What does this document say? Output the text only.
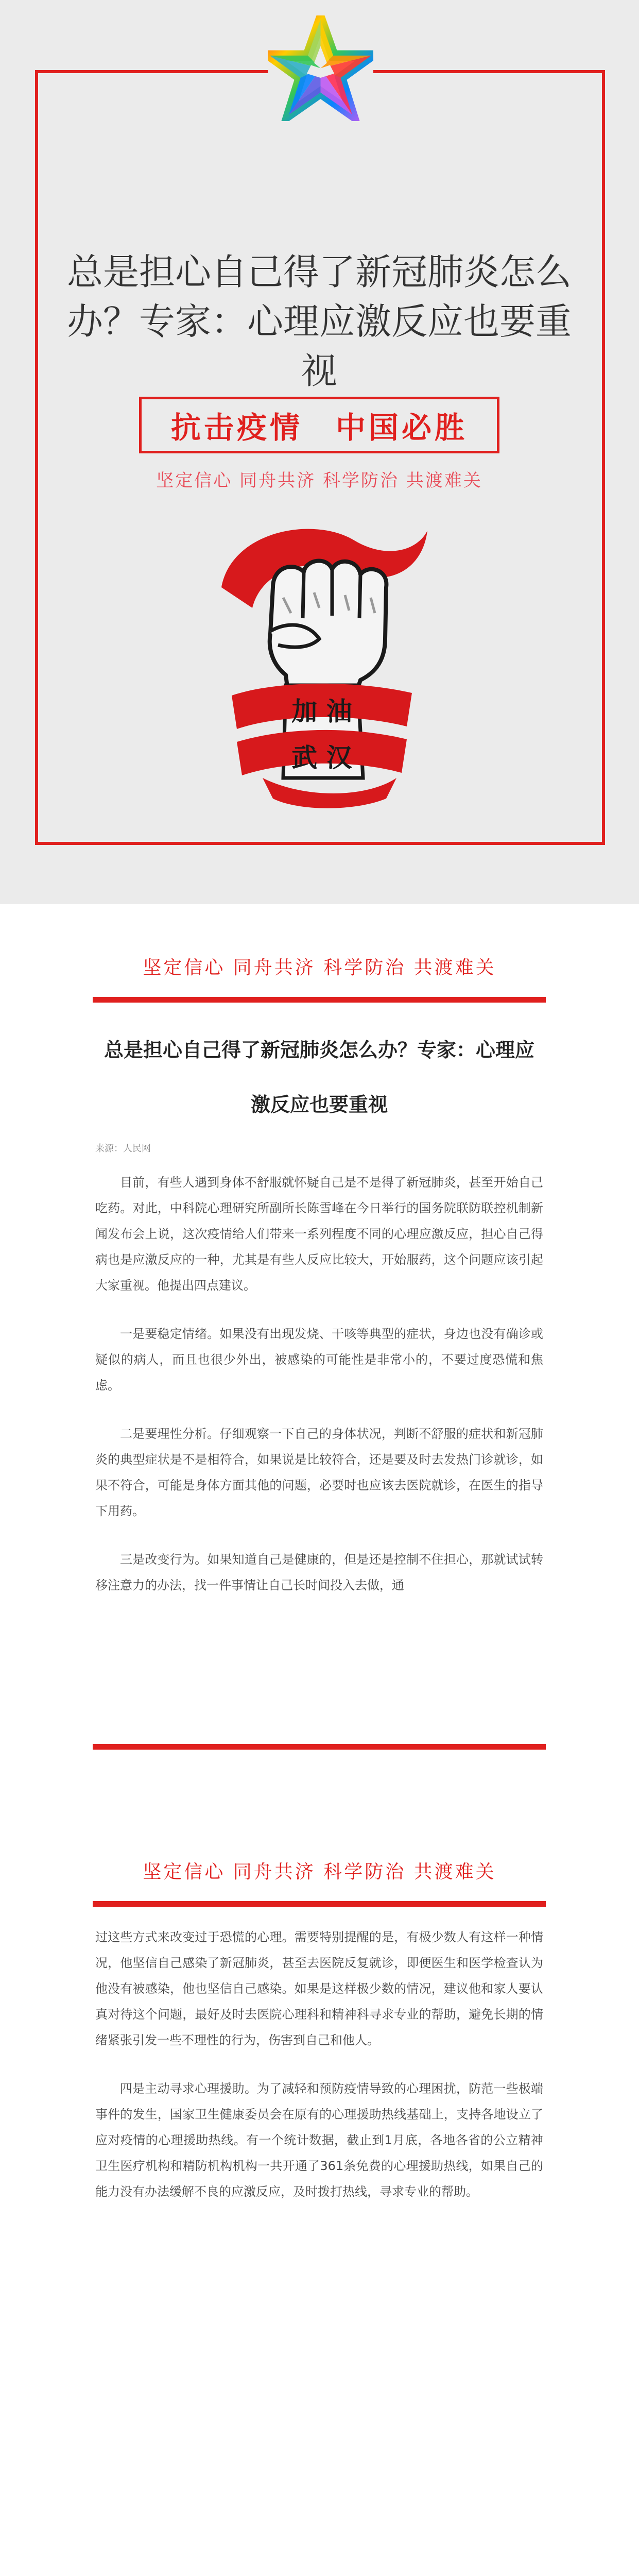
总是担心自己得了新冠肺炎怎么办？专家：心理应激反应也要重视
抗击疫情　中国必胜
坚定信心 同舟共济 科学防治 共渡难关
加 油
武 汉
坚定信心 同舟共济 科学防治 共渡难关
总是担心自己得了新冠肺炎怎么办？专家：心理应激反应也要重视
来源：人民网

目前，有些人遇到身体不舒服就怀疑自己是不是得了新冠肺炎，甚至开始自己吃药。对此，中科院心理研究所副所长陈雪峰在今日举行的国务院联防联控机制新闻发布会上说，这次疫情给人们带来一系列程度不同的心理应激反应，担心自己得病也是应激反应的一种，尤其是有些人反应比较大，开始服药，这个问题应该引起大家重视。他提出四点建议。

一是要稳定情绪。如果没有出现发烧、干咳等典型的症状，身边也没有确诊或疑似的病人，而且也很少外出，被感染的可能性是非常小的，不要过度恐慌和焦虑。

二是要理性分析。仔细观察一下自己的身体状况，判断不舒服的症状和新冠肺炎的典型症状是不是相符合，如果说是比较符合，还是要及时去发热门诊就诊，如果不符合，可能是身体方面其他的问题，必要时也应该去医院就诊，在医生的指导下用药。

三是改变行为。如果知道自己是健康的，但是还是控制不住担心，那就试试转移注意力的办法，找一件事情让自己长时间投入去做，通

坚定信心 同舟共济 科学防治 共渡难关

过这些方式来改变过于恐慌的心理。需要特别提醒的是，有极少数人有这样一种情况，他坚信自己感染了新冠肺炎，甚至去医院反复就诊，即便医生和医学检查认为他没有被感染，他也坚信自己感染。如果是这样极少数的情况，建议他和家人要认真对待这个问题，最好及时去医院心理科和精神科寻求专业的帮助，避免长期的情绪紧张引发一些不理性的行为，伤害到自己和他人。

四是主动寻求心理援助。为了减轻和预防疫情导致的心理困扰，防范一些极端事件的发生，国家卫生健康委员会在原有的心理援助热线基础上，支持各地设立了应对疫情的心理援助热线。有一个统计数据，截止到1月底，各地各省的公立精神卫生医疗机构和精防机构机构一共开通了361条免费的心理援助热线，如果自己的能力没有办法缓解不良的应激反应，及时拨打热线，寻求专业的帮助。
